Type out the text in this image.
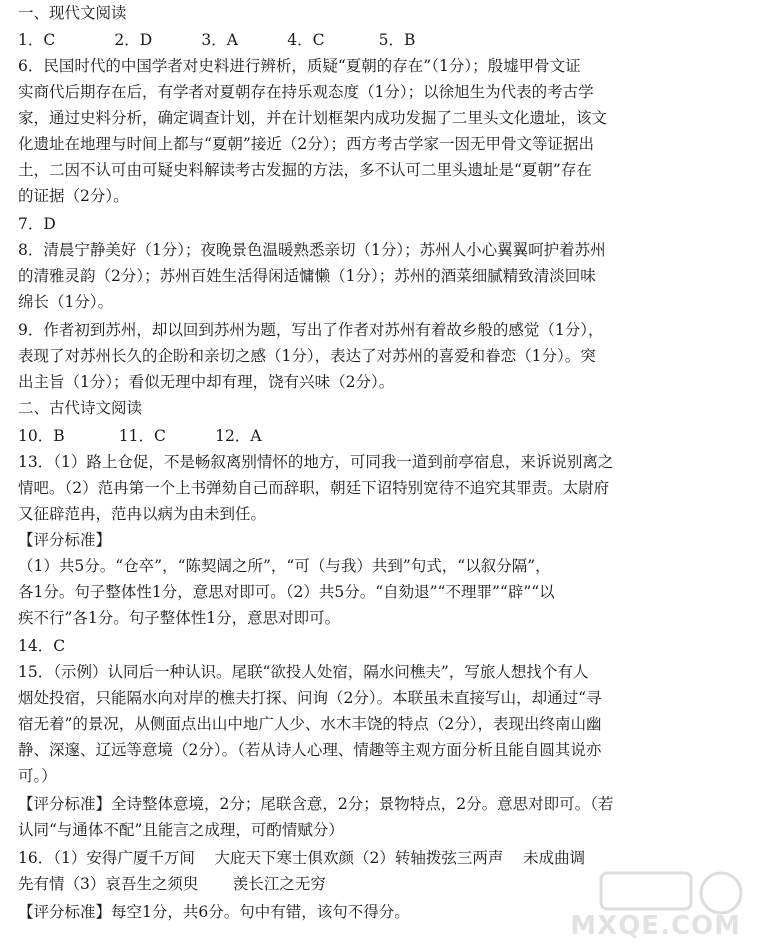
一、现代文阅读
1．C            2．D          3．A          4．C           5．B
6．民国时代的中国学者对史料进行辨析，质疑“夏朝的存在”（1分）；殷墟甲骨文证
实商代后期存在后，有学者对夏朝存在持乐观态度（1分）；以徐旭生为代表的考古学
家，通过史料分析，确定调查计划，并在计划框架内成功发掘了二里头文化遗址，该文
化遗址在地理与时间上都与“夏朝”接近（2分）；西方考古学家一因无甲骨文等证据出
土，二因不认可由可疑史料解读考古发掘的方法，多不认可二里头遗址是“夏朝”存在
的证据（2分）。
7．D
8．清晨宁静美好（1分）；夜晚景色温暖熟悉亲切（1分）；苏州人小心翼翼呵护着苏州
的清雅灵韵（2分）；苏州百姓生活得闲适慵懒（1分）；苏州的酒菜细腻精致清淡回味
绵长（1分）。
9．作者初到苏州，却以回到苏州为题，写出了作者对苏州有着故乡般的感觉（1分），
表现了对苏州长久的企盼和亲切之感（1分），表达了对苏州的喜爱和眷恋（1分）。突
出主旨（1分）；看似无理中却有理，饶有兴味（2分）。
二、古代诗文阅读
10．B           11．C          12．A
13．（1）路上仓促，不是畅叙离别情怀的地方，可同我一道到前亭宿息，来诉说别离之
情吧。（2）范冉第一个上书弹劾自己而辞职，朝廷下诏特别宽待不追究其罪责。太尉府
又征辟范冉，范冉以病为由未到任。
【评分标准】
（1）共5分。“仓卒”，“陈契阔之所”，“可（与我）共到”句式，“以叙分隔”，
各1分。句子整体性1分，意思对即可。（2）共5分。“自劾退”“不理罪”“辟”“以
疾不行”各1分。句子整体性1分，意思对即可。
14．C
15．（示例）认同后一种认识。尾联“欲投人处宿，隔水问樵夫”，写旅人想找个有人
烟处投宿，只能隔水向对岸的樵夫打探、问询（2分）。本联虽未直接写山，却通过“寻
宿无着”的景况，从侧面点出山中地广人少、水木丰饶的特点（2分），表现出终南山幽
静、深邃、辽远等意境（2分）。（若从诗人心理、情趣等主观方面分析且能自圆其说亦
可。）
【评分标准】全诗整体意境，2分；尾联含意，2分；景物特点，2分。意思对即可。（若
认同“与通体不配”且能言之成理，可酌情赋分）
16．（1）安得广厦千万间    大庇天下寒士俱欢颜（2）转轴拨弦三两声    未成曲调
先有情（3）哀吾生之须臾       羡长江之无穷
【评分标准】每空1分，共6分。句中有错，该句不得分。	MXQE.COM
